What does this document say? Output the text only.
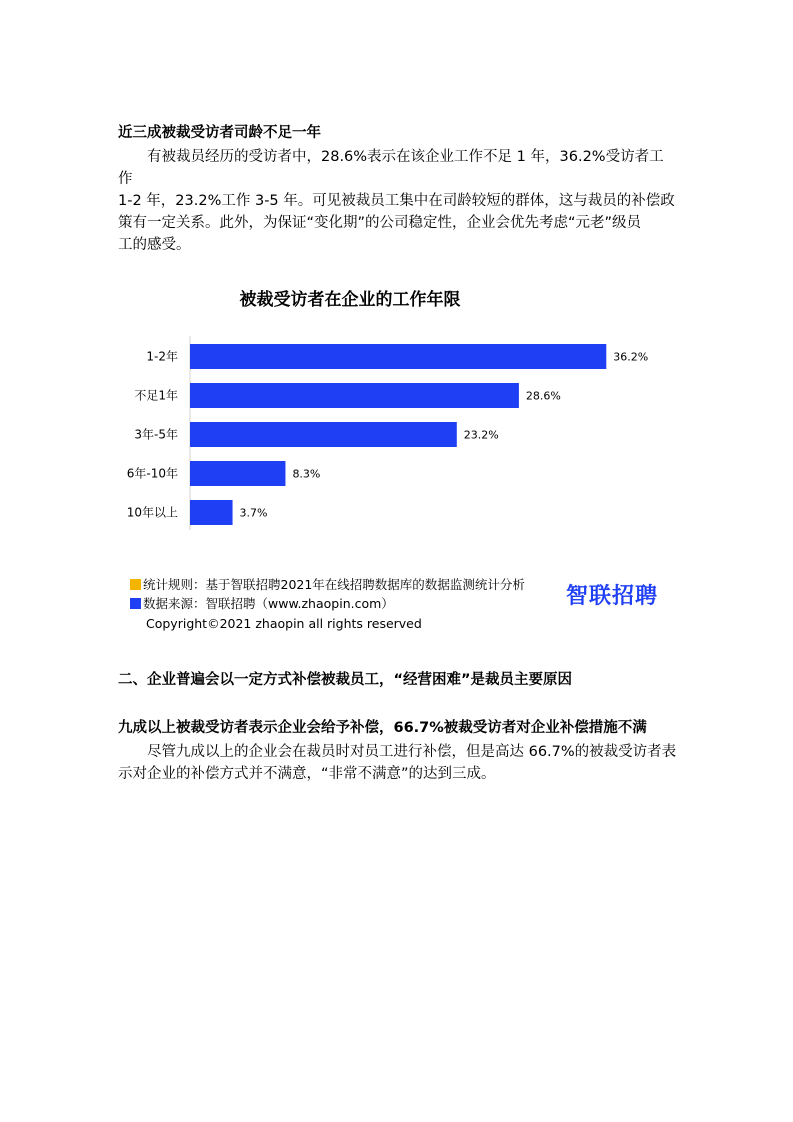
近三成被裁受访者司龄不足一年

有被裁员经历的受访者中，28.6%表示在该企业工作不足 1 年，36.2%受访者工作

1-2 年，23.2%工作 3-5 年。可见被裁员工集中在司龄较短的群体，这与裁员的补偿政

策有一定关系。此外，为保证“变化期”的公司稳定性，企业会优先考虑“元老”级员

工的感受。

被裁受访者在企业的工作年限
1-2年	36.2%
不足1年	28.6%
3年-5年	23.2%
6年-10年	8.3%
10年以上	3.7%
统计规则：基于智联招聘2021年在线招聘数据库的数据监测统计分析
数据来源：智联招聘（www.zhaopin.com）	智联招聘
Copyright©2021 zhaopin all rights reserved
二、企业普遍会以一定方式补偿被裁员工，“经营困难”是裁员主要原因
九成以上被裁受访者表示企业会给予补偿，66.7%被裁受访者对企业补偿措施不满

尽管九成以上的企业会在裁员时对员工进行补偿，但是高达 66.7%的被裁受访者表

示对企业的补偿方式并不满意，“非常不满意”的达到三成。
